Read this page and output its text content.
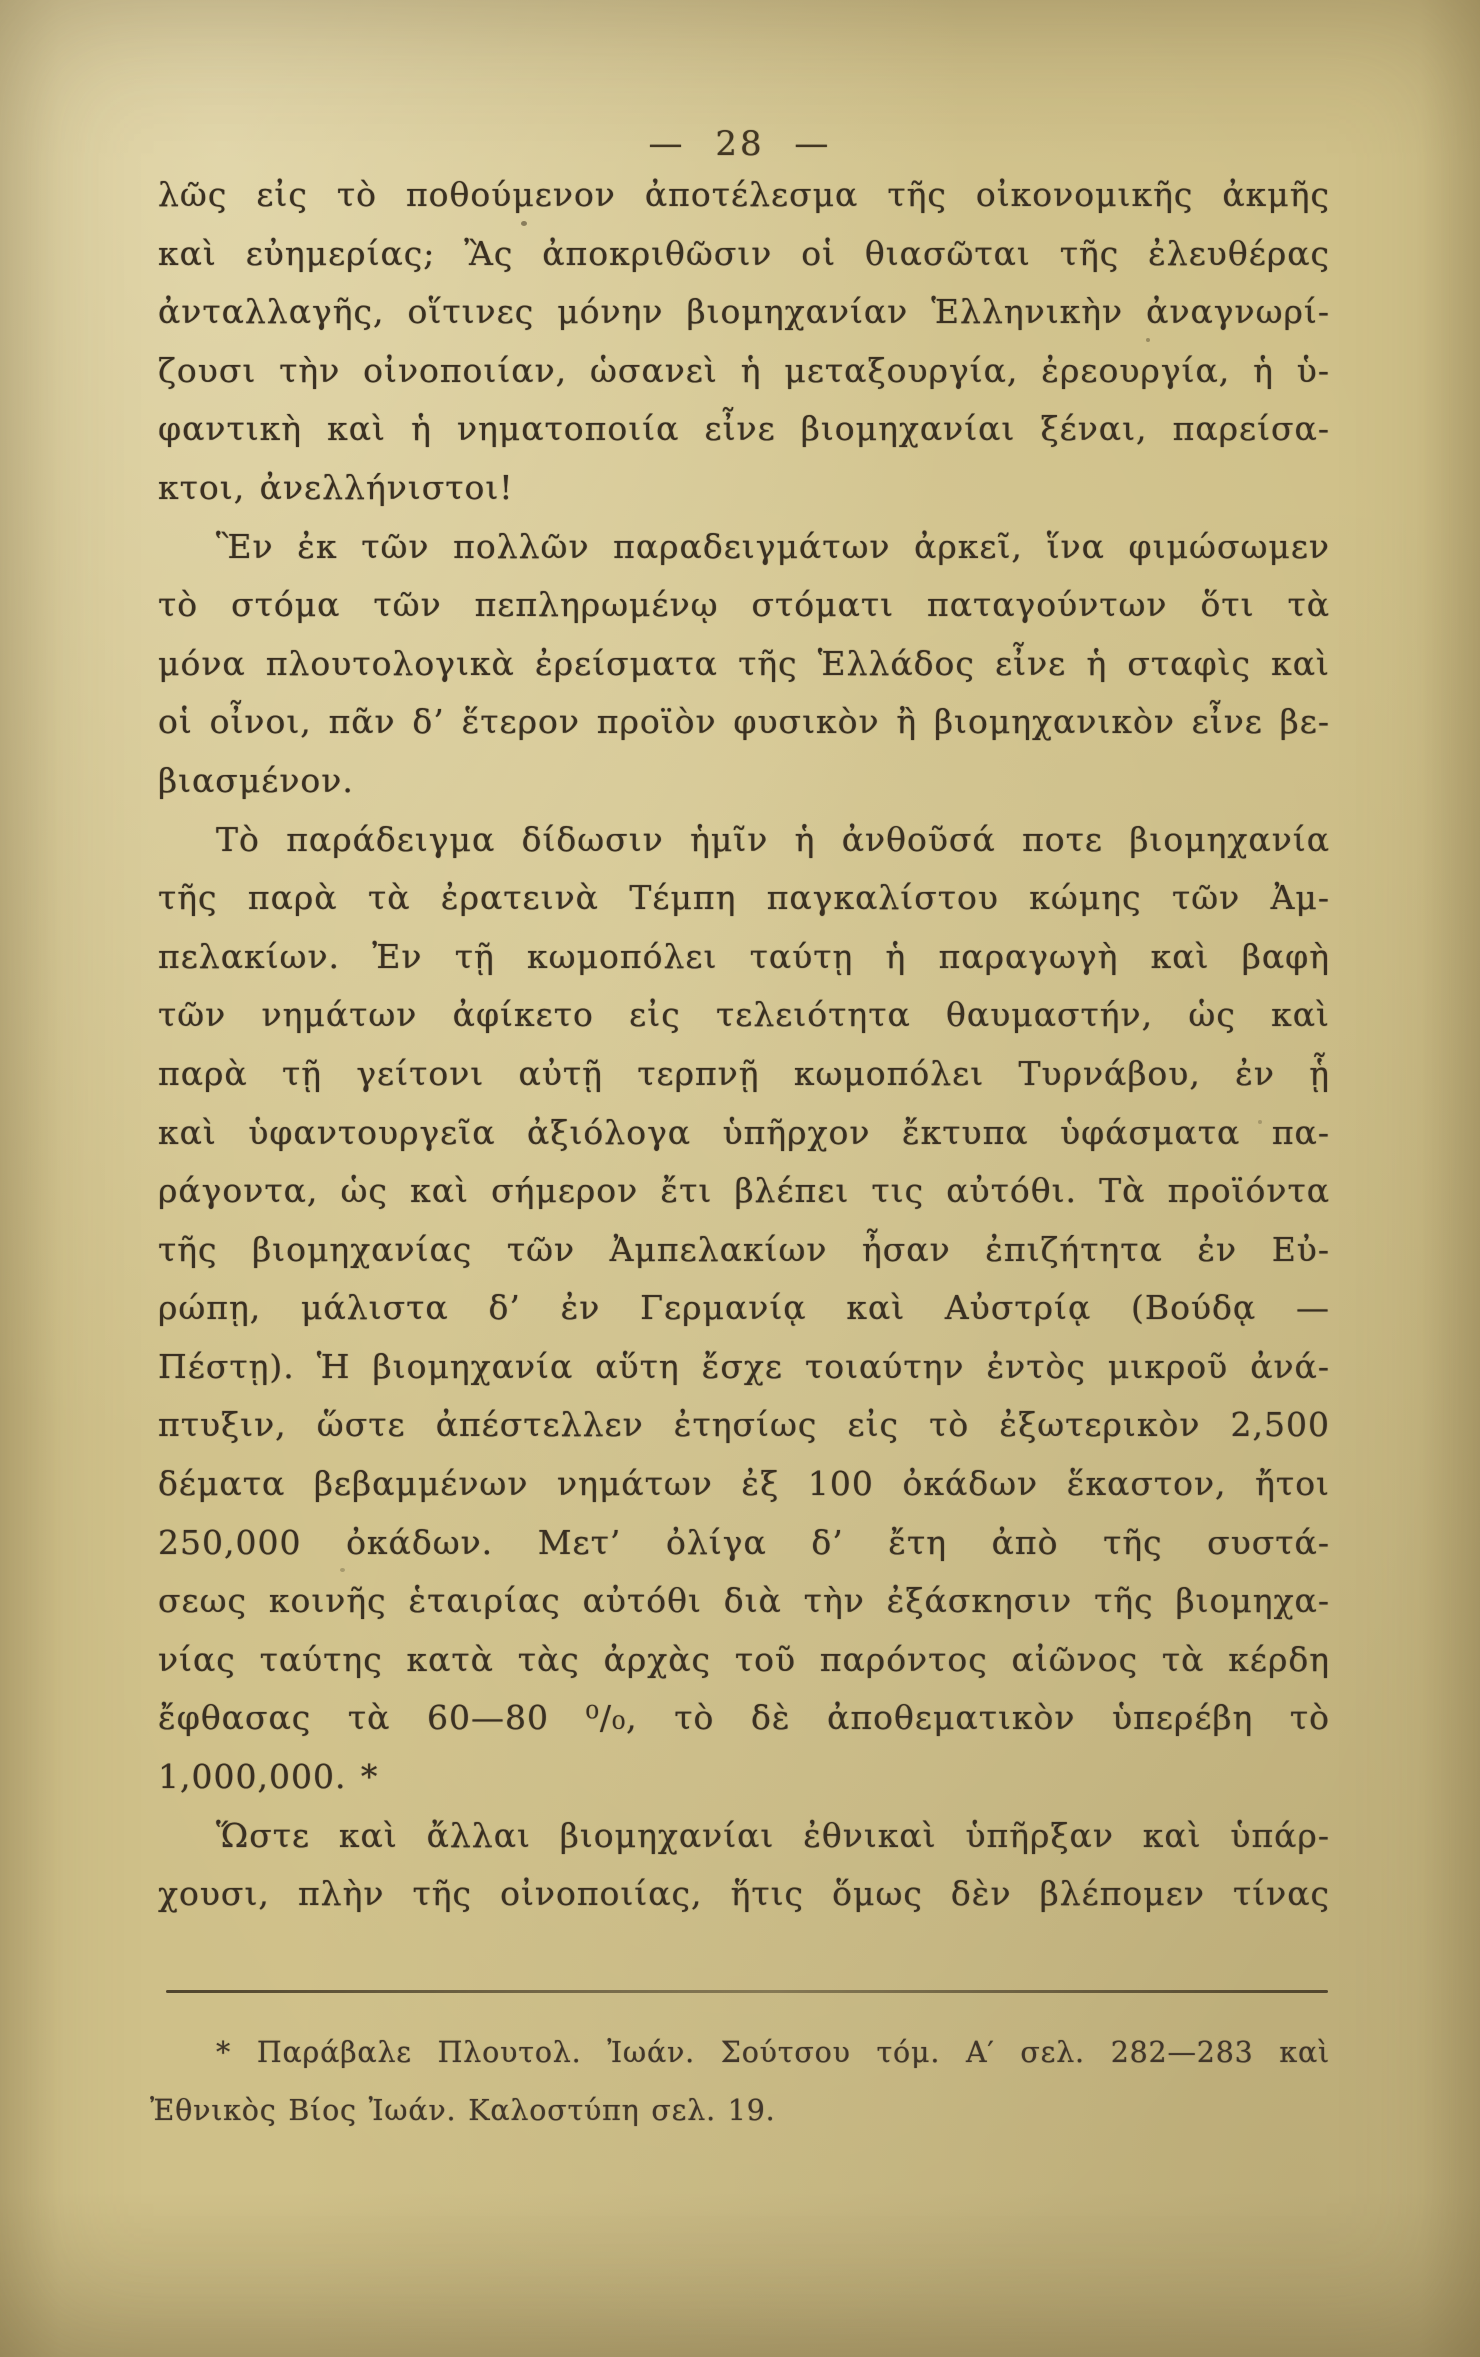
— 28 —
λῶς εἰς τὸ ποθούμενον ἀποτέλεσμα τῆς οἰκονομικῆς ἀκμῆς
καὶ εὐημερίας; Ἂς ἀποκριθῶσιν οἱ θιασῶται τῆς ἐλευθέρας
ἀνταλλαγῆς, οἵτινες μόνην βιομηχανίαν Ἑλληνικὴν ἀναγνωρί-
ζουσι τὴν οἰνοποιίαν, ὡσανεὶ ἡ μεταξουργία, ἐρεουργία, ἡ ὑ-
φαντικὴ καὶ ἡ νηματοποιία εἶνε βιομηχανίαι ξέναι, παρείσα-
κτοι, ἀνελλήνιστοι!
Ἓν ἐκ τῶν πολλῶν παραδειγμάτων ἀρκεῖ, ἵνα φιμώσωμεν
τὸ στόμα τῶν πεπληρωμένῳ στόματι παταγούντων ὅτι τὰ
μόνα πλουτολογικὰ ἐρείσματα τῆς Ἑλλάδος εἶνε ἡ σταφὶς καὶ
οἱ οἶνοι, πᾶν δ’ ἕτερον προϊὸν φυσικὸν ἢ βιομηχανικὸν εἶνε βε-
βιασμένον.
Τὸ παράδειγμα δίδωσιν ἡμῖν ἡ ἀνθοῦσά ποτε βιομηχανία
τῆς παρὰ τὰ ἐρατεινὰ Τέμπη παγκαλίστου κώμης τῶν Ἀμ-
πελακίων. Ἐν τῇ κωμοπόλει ταύτῃ ἡ παραγωγὴ καὶ βαφὴ
τῶν νημάτων ἀφίκετο εἰς τελειότητα θαυμαστήν, ὡς καὶ
παρὰ τῇ γείτονι αὐτῇ τερπνῇ κωμοπόλει Τυρνάβου, ἐν ᾗ
καὶ ὑφαντουργεῖα ἀξιόλογα ὑπῆρχον ἔκτυπα ὑφάσματα πα-
ράγοντα, ὡς καὶ σήμερον ἔτι βλέπει τις αὐτόθι. Τὰ προϊόντα
τῆς βιομηχανίας τῶν Ἀμπελακίων ἦσαν ἐπιζήτητα ἐν Εὐ-
ρώπῃ, μάλιστα δ’ ἐν Γερμανίᾳ καὶ Αὐστρίᾳ (Βούδᾳ —
Πέστῃ). Ἡ βιομηχανία αὕτη ἔσχε τοιαύτην ἐντὸς μικροῦ ἀνά-
πτυξιν, ὥστε ἀπέστελλεν ἐτησίως εἰς τὸ ἐξωτερικὸν 2,500
δέματα βεβαμμένων νημάτων ἐξ 100 ὀκάδων ἕκαστον, ἤτοι
250,000 ὀκάδων. Μετ’ ὀλίγα δ’ ἔτη ἀπὸ τῆς συστά-
σεως κοινῆς ἑταιρίας αὐτόθι διὰ τὴν ἐξάσκησιν τῆς βιομηχα-
νίας ταύτης κατὰ τὰς ἀρχὰς τοῦ παρόντος αἰῶνος τὰ κέρδη
ἔφθασας τὰ 60—80 ⁰/₀, τὸ δὲ ἀποθεματικὸν ὑπερέβη τὸ
1,000,000. *
Ὥστε καὶ ἄλλαι βιομηχανίαι ἐθνικαὶ ὑπῆρξαν καὶ ὑπάρ-
χουσι, πλὴν τῆς οἰνοποιίας, ἥτις ὅμως δὲν βλέπομεν τίνας
* Παράβαλε Πλουτολ. Ἰωάν. Σούτσου τόμ. Α′ σελ. 282—283 καὶ
Ἐθνικὸς Βίος Ἰωάν. Καλοστύπη σελ. 19.
